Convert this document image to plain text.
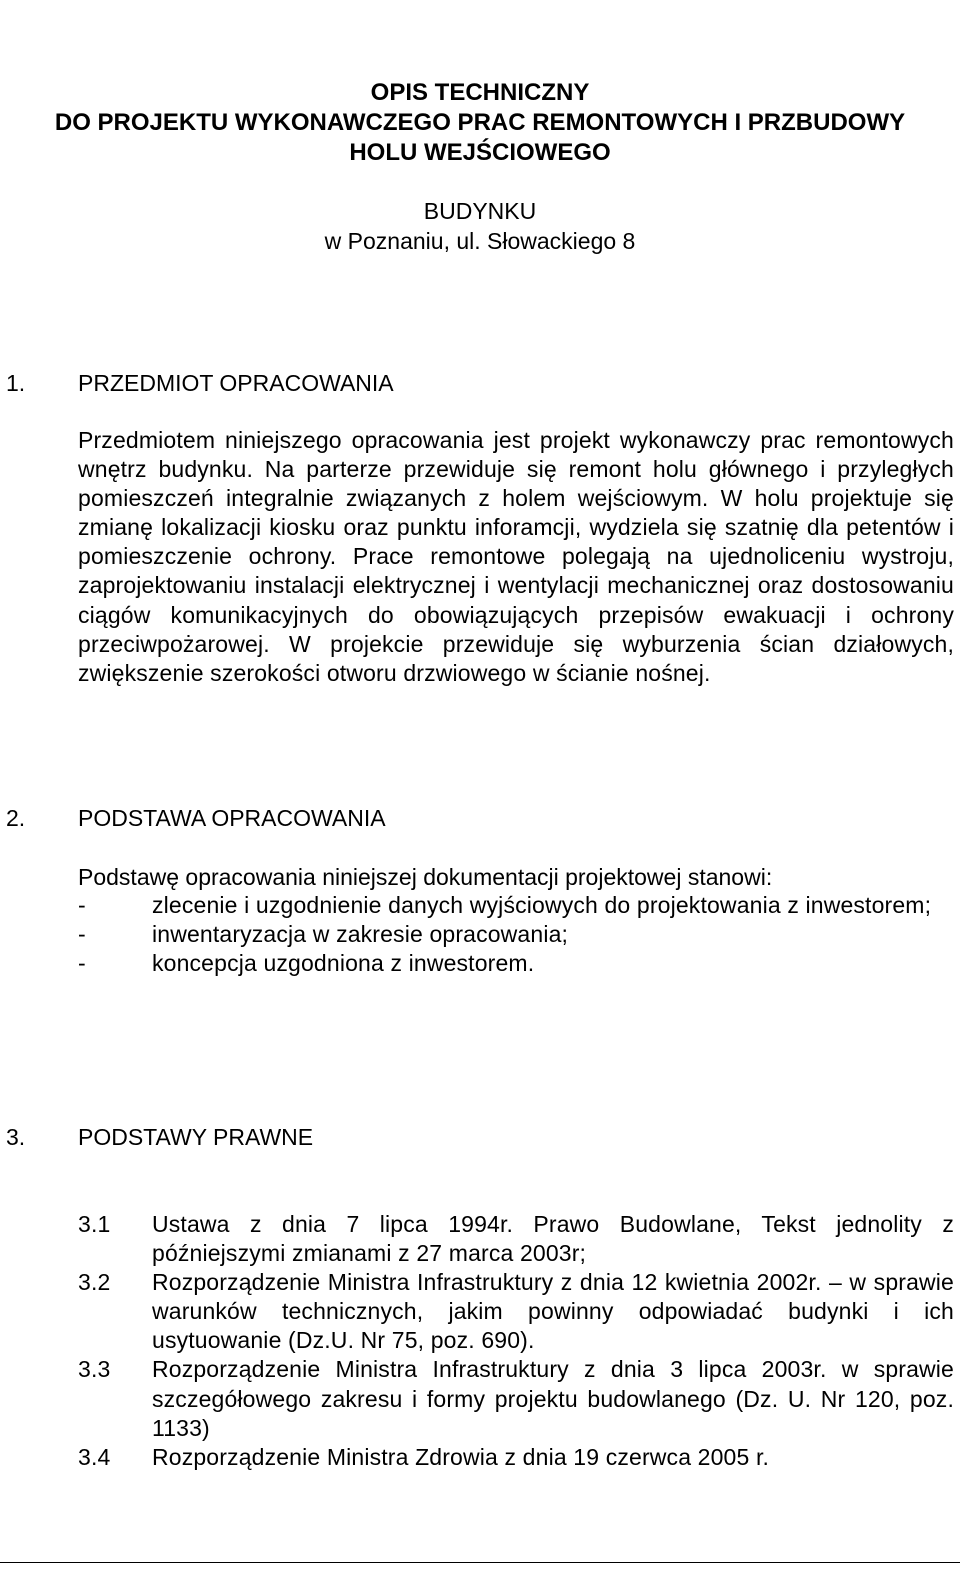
OPIS TECHNICZNY
DO PROJEKTU WYKONAWCZEGO PRAC REMONTOWYCH I PRZBUDOWY
HOLU WEJŚCIOWEGO
BUDYNKU
w Poznaniu, ul. Słowackiego 8
1. PRZEDMIOT OPRACOWANIA
Przedmiotem niniejszego opracowania jest projekt wykonawczy prac remontowych wnętrz budynku. Na parterze przewiduje się remont holu głównego i przyległych pomieszczeń integralnie związanych z holem wejściowym. W holu projektuje się zmianę lokalizacji kiosku oraz punktu inforamcji, wydziela się szatnię dla petentów i pomieszczenie ochrony. Prace remontowe polegają na ujednoliceniu wystroju, zaprojektowaniu instalacji elektrycznej i wentylacji mechanicznej oraz dostosowaniu ciągów komunikacyjnych do obowiązujących przepisów ewakuacji i ochrony przeciwpożarowej. W projekcie przewiduje się wyburzenia ścian działowych, zwiększenie szerokości otworu drzwiowego w ścianie nośnej.
2. PODSTAWA OPRACOWANIA
Podstawę opracowania niniejszej dokumentacji projektowej stanowi:
-	zlecenie i uzgodnienie danych wyjściowych do projektowania z inwestorem;
-	inwentaryzacja w zakresie opracowania;
-	koncepcja uzgodniona z inwestorem.
3. PODSTAWY PRAWNE
3.1 Ustawa z dnia 7 lipca 1994r. Prawo Budowlane, Tekst jednolity z późniejszymi zmianami z 27 marca 2003r;
3.2 Rozporządzenie Ministra Infrastruktury z dnia 12 kwietnia 2002r. – w sprawie warunków technicznych, jakim powinny odpowiadać budynki i ich usytuowanie (Dz.U. Nr 75, poz. 690).
3.3 Rozporządzenie Ministra Infrastruktury z dnia 3 lipca 2003r. w sprawie szczegółowego zakresu i formy projektu budowlanego (Dz. U. Nr 120, poz. 1133)
3.4 Rozporządzenie Ministra Zdrowia z dnia 19 czerwca 2005 r.
